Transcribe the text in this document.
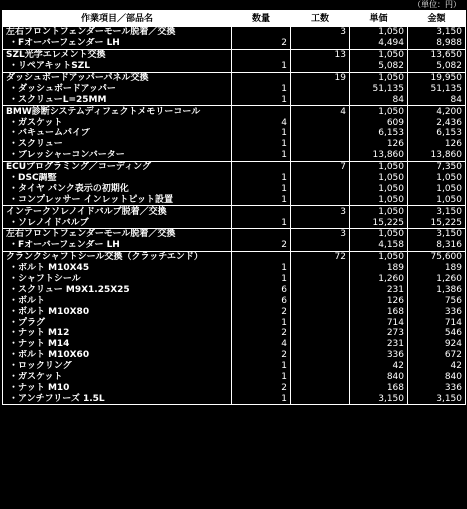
（単位：円）
作業項目／部品名	数量	工数	単価	金額
左右フロントフェンダーモール脱着／交換		3	1,050	3,150
・Fオーバーフェンダー LH	2		4,494	8,988
SZL光学エレメント交換		13	1,050	13,650
・リペアキットSZL	1		5,082	5,082
ダッシュボードアッパーパネル交換		19	1,050	19,950
・ダッシュボードアッパー	1		51,135	51,135
・スクリューL=25MM	1		84	84
BMW診断システムディフェクトメモリーコール		4	1,050	4,200
・ガスケット	4		609	2,436
・バキュームパイプ	1		6,153	6,153
・スクリュー	1		126	126
・プレッシャーコンバーター	1		13,860	13,860
ECUプログラミング／コーディング		7	1,050	7,350
・DSC調整	1		1,050	1,050
・タイヤ パンク表示の初期化	1		1,050	1,050
・コンプレッサー インレットピット設置	1		1,050	1,050
インテークソレノイドバルブ脱着／交換		3	1,050	3,150
・ソレノイドバルブ	1		15,225	15,225
左右フロントフェンダーモール脱着／交換		3	1,050	3,150
・Fオーバーフェンダー LH	2		4,158	8,316
クランクシャフトシール交換（クラッチエンド）		72	1,050	75,600
・ボルト M10X45	1		189	189
・シャフトシール	1		1,260	1,260
・スクリュー M9X1.25X25	6		231	1,386
・ボルト	6		126	756
・ボルト M10X80	2		168	336
・プラグ	1		714	714
・ナット M12	2		273	546
・ナット M14	4		231	924
・ボルト M10X60	2		336	672
・ロックリング	1		42	42
・ガスケット	1		840	840
・ナット M10	2		168	336
・アンチフリーズ 1.5L	1		3,150	3,150
